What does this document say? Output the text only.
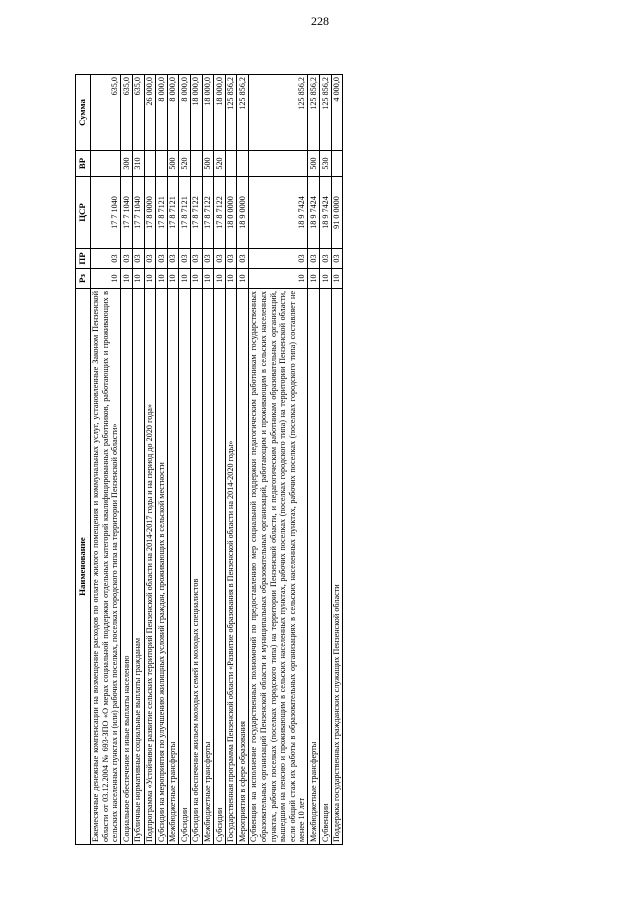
228
Наименование	Рз	ПР	ЦСР	ВР	Сумма
Ежемесячные денежные компенсации на возмещение расходов по оплате жилого помещения и коммунальных услуг, установленные Законом Пензенской области от 03.12.2004 № 693-ЗПО «О мерах социальной поддержки отдельных категорий квалифицированных работников, работающих и проживающих в сельских населенных пунктах и (или) рабочих поселках, поселках городского типа на территории Пензенской области»	10	03	17 7 1040		635,0
Социальное обеспечение и иные выплаты населению	10	03	17 7 1040	300	635,0
Публичные нормативные социальные выплаты гражданам	10	03	17 7 1040	310	635,0
Подпрограмма «Устойчивое развитие сельских территорий Пензенской области на 2014-2017 годы и на период до 2020 года»	10	03	17 8 0000		26 000,0
Субсидии на мероприятия по улучшению жилищных условий граждан, проживающих в сельской местности	10	03	17 8 7121		8 000,0
Межбюджетные трансферты	10	03	17 8 7121	500	8 000,0
Субсидии	10	03	17 8 7121	520	8 000,0
Субсидии на обеспечение жильем молодых семей и молодых специалистов	10	03	17 8 7122		18 000,0
Межбюджетные трансферты	10	03	17 8 7122	500	18 000,0
Субсидии	10	03	17 8 7122	520	18 000,0
Государственная программа Пензенской области «Развитие образования в Пензенской области на 2014-2020 годы»	10	03	18 0 0000		125 856,2
Мероприятия в сфере образования	10	03	18 9 0000		125 856,2
Субвенции на исполнение государственных полномочий по предоставлению мер социальной поддержки педагогическим работникам государственных образовательных организаций Пензенской области и муниципальных образовательных организаций, работающим и проживающим в сельских населенных пунктах, рабочих поселках (поселках городского типа) на территории Пензенской области, и педагогическим работникам образовательных организаций, вышедшим на пенсию и проживающим в сельских населенных пунктах, рабочих поселках (поселках городского типа) на территории Пензенской области, если общий стаж их работы в образовательных организациях в сельских населенных пунктах, рабочих поселках (поселках городского типа) составляет не менее 10 лет	10	03	18 9 7424		125 856,2
Межбюджетные трансферты	10	03	18 9 7424	500	125 856,2
Субвенции	10	03	18 9 7424	530	125 856,2
Поддержка государственных гражданских служащих Пензенской области	10	03	91 0 0000		4 000,0
